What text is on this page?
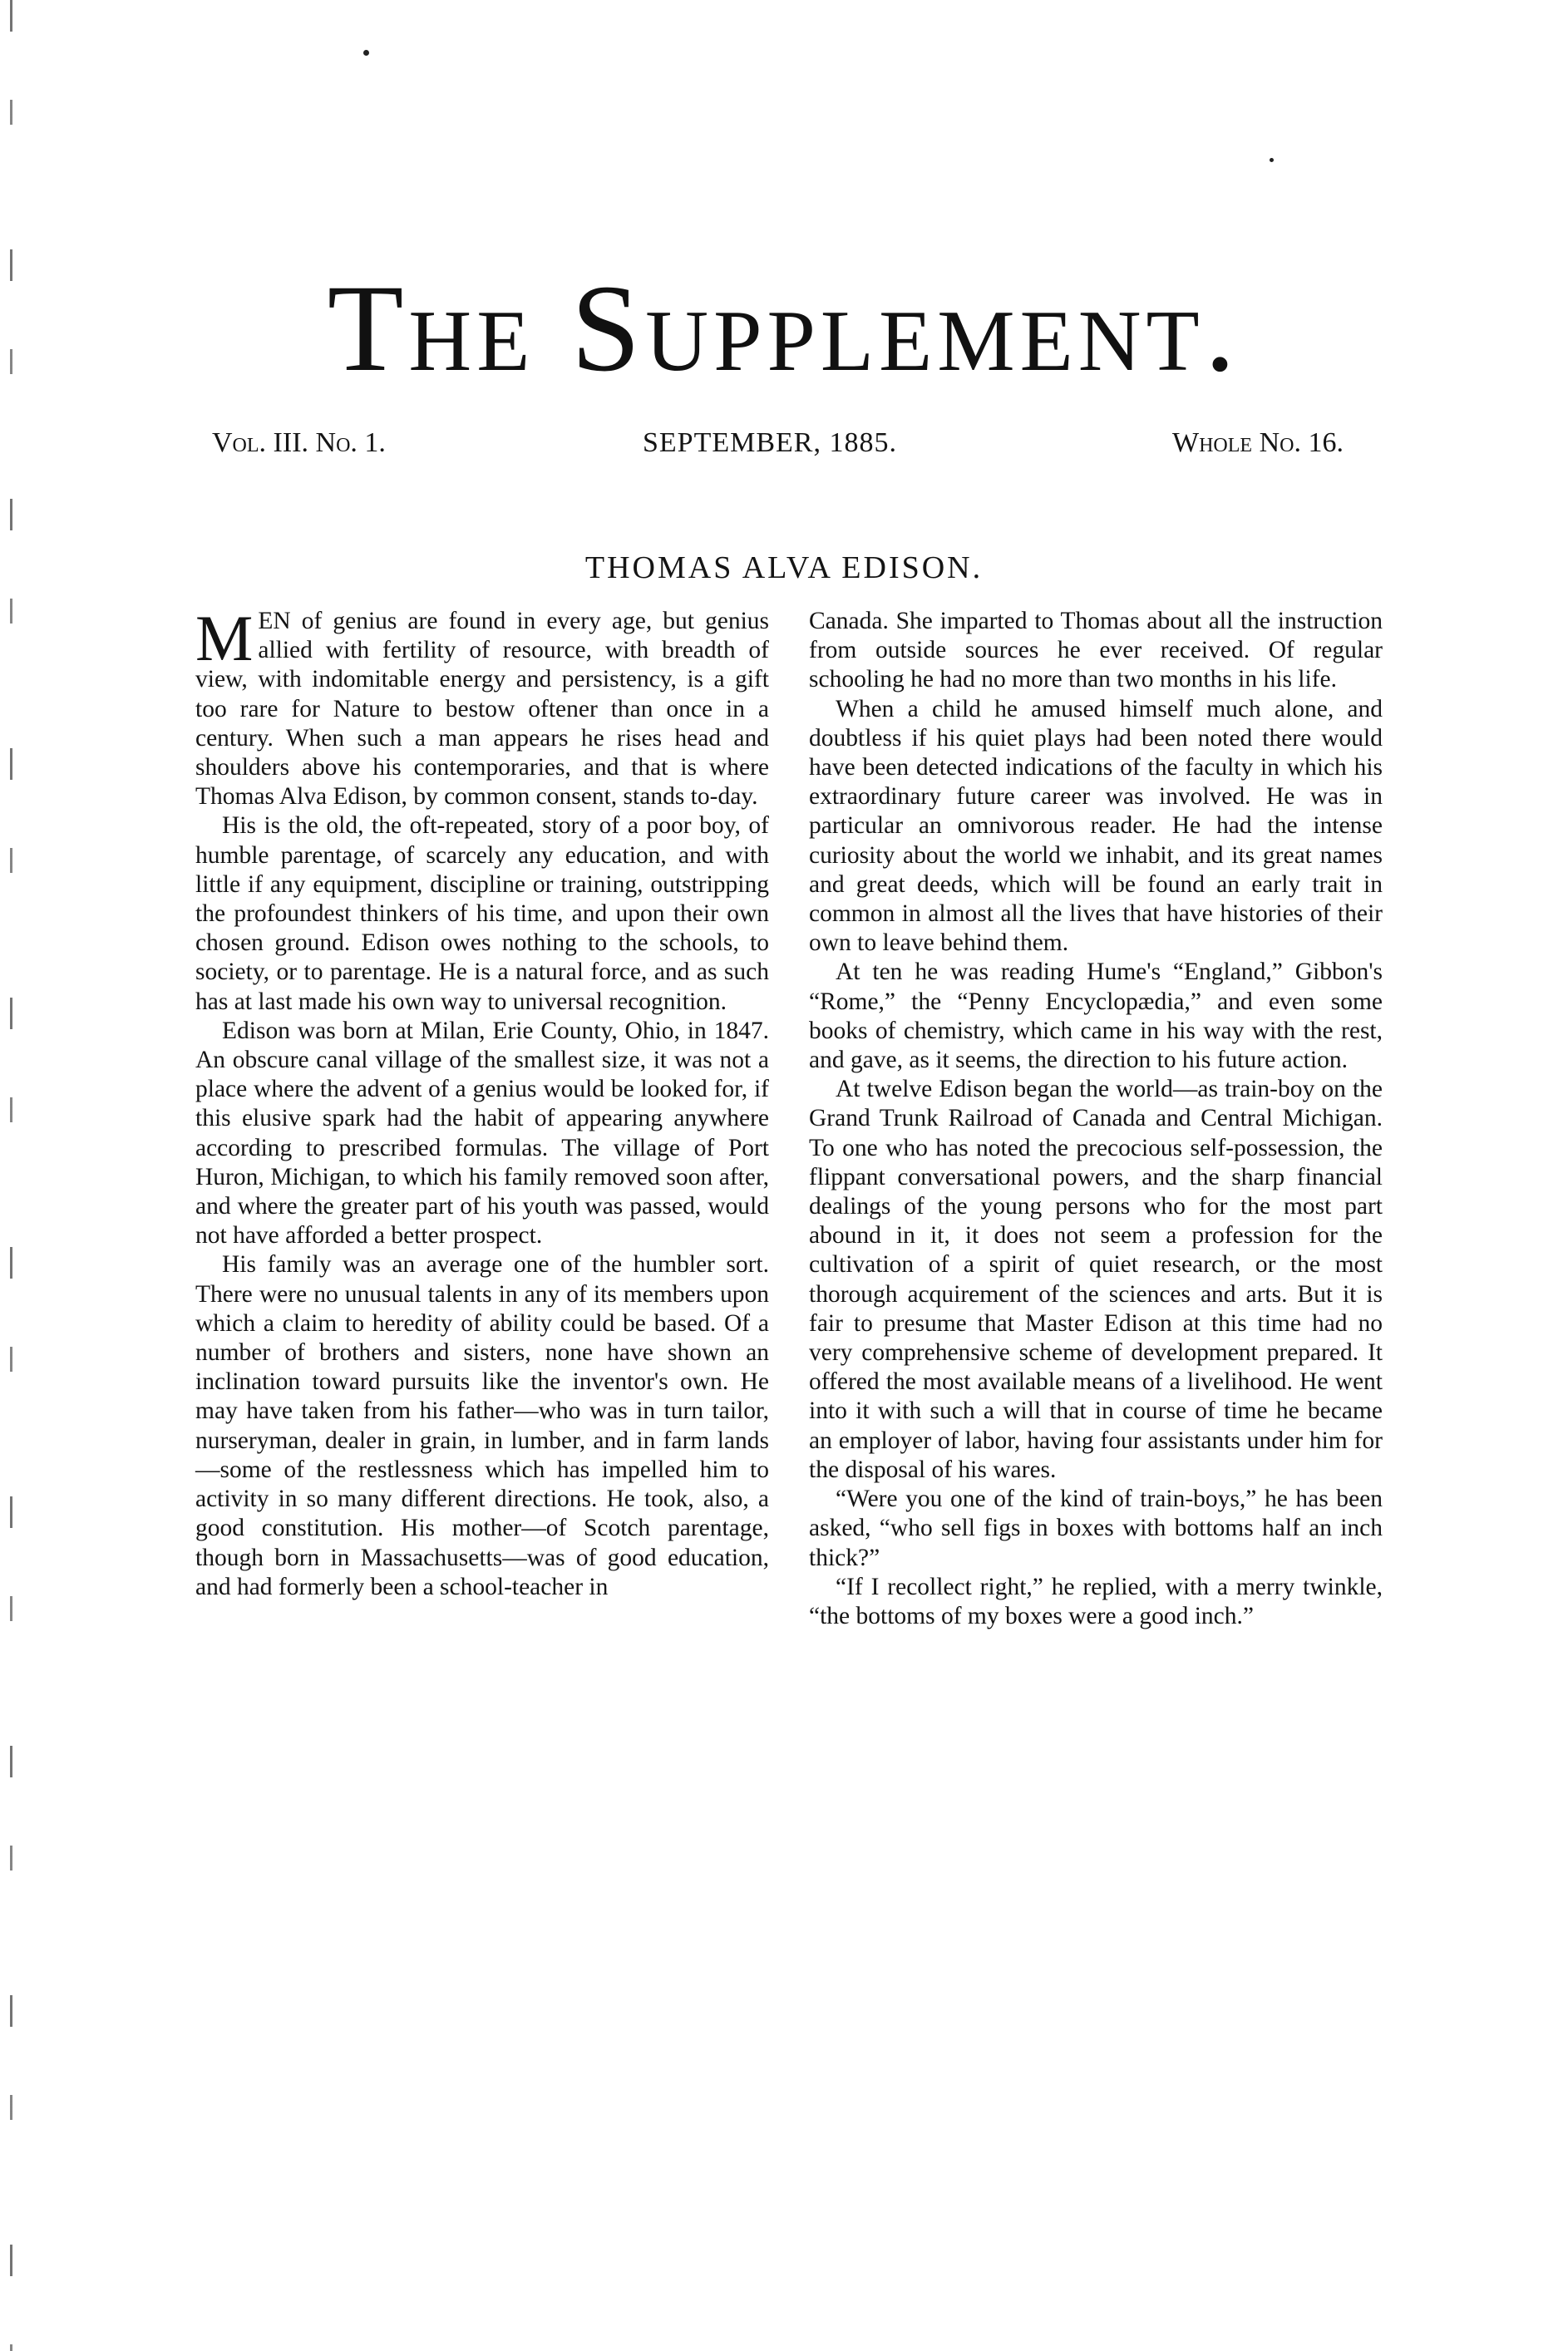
The Supplement.
Vol. III. No. 1.	SEPTEMBER, 1885.	Whole No. 16.
THOMAS ALVA EDISON.

MEN of genius are found in every age, but genius allied with fertility of resource, with breadth of view, with indomitable energy and persistency, is a gift too rare for Nature to bestow oftener than once in a century. When such a man appears he rises head and shoulders above his contemporaries, and that is where Thomas Alva Edison, by common consent, stands to-day.

His is the old, the oft-repeated, story of a poor boy, of humble parentage, of scarcely any education, and with little if any equipment, discipline or training, outstripping the profoundest thinkers of his time, and upon their own chosen ground. Edison owes nothing to the schools, to society, or to parentage. He is a natural force, and as such has at last made his own way to universal recognition.

Edison was born at Milan, Erie County, Ohio, in 1847. An obscure canal village of the smallest size, it was not a place where the advent of a genius would be looked for, if this elusive spark had the habit of appearing anywhere according to prescribed formulas. The village of Port Huron, Michigan, to which his family removed soon after, and where the greater part of his youth was passed, would not have afforded a better prospect.

His family was an average one of the humbler sort. There were no unusual talents in any of its members upon which a claim to heredity of ability could be based. Of a number of brothers and sisters, none have shown an inclination toward pursuits like the inventor's own. He may have taken from his father—who was in turn tailor, nurseryman, dealer in grain, in lumber, and in farm lands—some of the restlessness which has impelled him to activity in so many different directions. He took, also, a good constitution. His mother—of Scotch parentage, though born in Massachusetts—was of good education, and had formerly been a school-teacher in

Canada. She imparted to Thomas about all the instruction from outside sources he ever received. Of regular schooling he had no more than two months in his life.

When a child he amused himself much alone, and doubtless if his quiet plays had been noted there would have been detected indications of the faculty in which his extraordinary future career was involved. He was in particular an omnivorous reader. He had the intense curiosity about the world we inhabit, and its great names and great deeds, which will be found an early trait in common in almost all the lives that have histories of their own to leave behind them.

At ten he was reading Hume's “England,” Gibbon's “Rome,” the “Penny Encyclopædia,” and even some books of chemistry, which came in his way with the rest, and gave, as it seems, the direction to his future action.

At twelve Edison began the world—as train-boy on the Grand Trunk Railroad of Canada and Central Michigan. To one who has noted the precocious self-possession, the flippant conversational powers, and the sharp financial dealings of the young persons who for the most part abound in it, it does not seem a profession for the cultivation of a spirit of quiet research, or the most thorough acquirement of the sciences and arts. But it is fair to presume that Master Edison at this time had no very comprehensive scheme of development prepared. It offered the most available means of a livelihood. He went into it with such a will that in course of time he became an employer of labor, having four assistants under him for the disposal of his wares.

“Were you one of the kind of train-boys,” he has been asked, “who sell figs in boxes with bottoms half an inch thick?”

“If I recollect right,” he replied, with a merry twinkle, “the bottoms of my boxes were a good inch.”
